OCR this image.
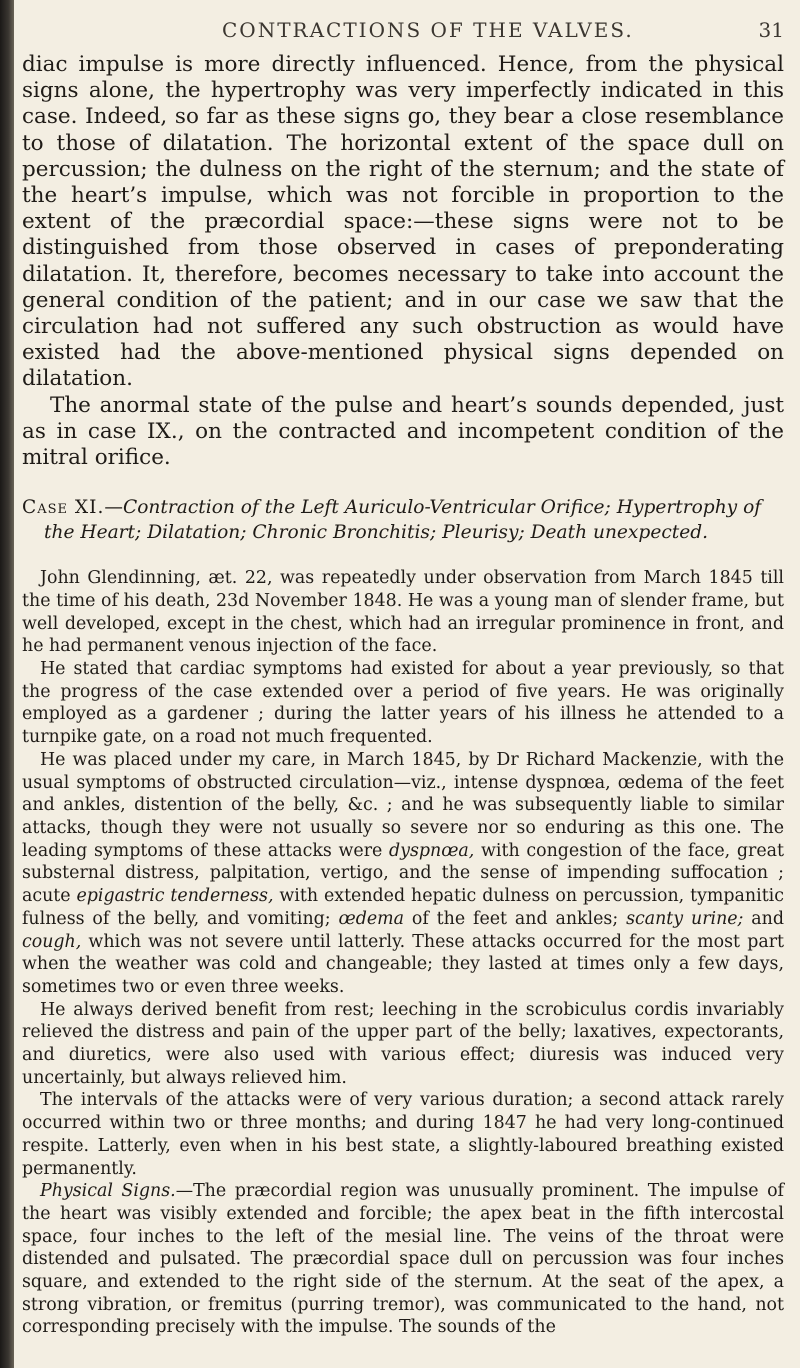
CONTRACTIONS OF THE VALVES.	31

diac impulse is more directly influenced. Hence, from the physical signs alone, the hypertrophy was very imperfectly indicated in this case. Indeed, so far as these signs go, they bear a close resemblance to those of dilatation. The horizontal extent of the space dull on percussion; the dulness on the right of the sternum; and the state of the heart’s impulse, which was not forcible in proportion to the extent of the præcordial space:—these signs were not to be distinguished from those observed in cases of preponderating dilatation. It, therefore, becomes necessary to take into account the general condition of the patient; and in our case we saw that the circulation had not suffered any such obstruction as would have existed had the above-mentioned physical signs depended on dilatation.

The anormal state of the pulse and heart’s sounds depended, just as in case IX., on the contracted and incompetent condition of the mitral orifice.

Case XI.—Contraction of the Left Auriculo-Ventricular Orifice; Hypertrophy of the Heart; Dilatation; Chronic Bronchitis; Pleurisy; Death unexpected.

John Glendinning, æt. 22, was repeatedly under observation from March 1845 till the time of his death, 23d November 1848. He was a young man of slender frame, but well developed, except in the chest, which had an irregular prominence in front, and he had permanent venous injection of the face.

He stated that cardiac symptoms had existed for about a year previously, so that the progress of the case extended over a period of five years. He was originally employed as a gardener ; during the latter years of his illness he attended to a turnpike gate, on a road not much frequented.

He was placed under my care, in March 1845, by Dr Richard Mackenzie, with the usual symptoms of obstructed circulation—viz., intense dyspnœa, œdema of the feet and ankles, distention of the belly, &c. ; and he was subsequently liable to similar attacks, though they were not usually so severe nor so enduring as this one. The leading symptoms of these attacks were dyspnœa, with congestion of the face, great substernal distress, palpitation, vertigo, and the sense of impending suffocation ; acute epigastric tenderness, with extended hepatic dulness on percussion, tympanitic fulness of the belly, and vomiting; œdema of the feet and ankles; scanty urine; and cough, which was not severe until latterly. These attacks occurred for the most part when the weather was cold and changeable; they lasted at times only a few days, sometimes two or even three weeks.

He always derived benefit from rest; leeching in the scrobiculus cordis invariably relieved the distress and pain of the upper part of the belly; laxatives, expectorants, and diuretics, were also used with various effect; diuresis was induced very uncertainly, but always relieved him.

The intervals of the attacks were of very various duration; a second attack rarely occurred within two or three months; and during 1847 he had very long-continued respite. Latterly, even when in his best state, a slightly-laboured breathing existed permanently.

Physical Signs.—The præcordial region was unusually prominent. The impulse of the heart was visibly extended and forcible; the apex beat in the fifth intercostal space, four inches to the left of the mesial line. The veins of the throat were distended and pulsated. The præcordial space dull on percussion was four inches square, and extended to the right side of the sternum. At the seat of the apex, a strong vibration, or fremitus (purring tremor), was communicated to the hand, not corresponding precisely with the impulse. The sounds of the
